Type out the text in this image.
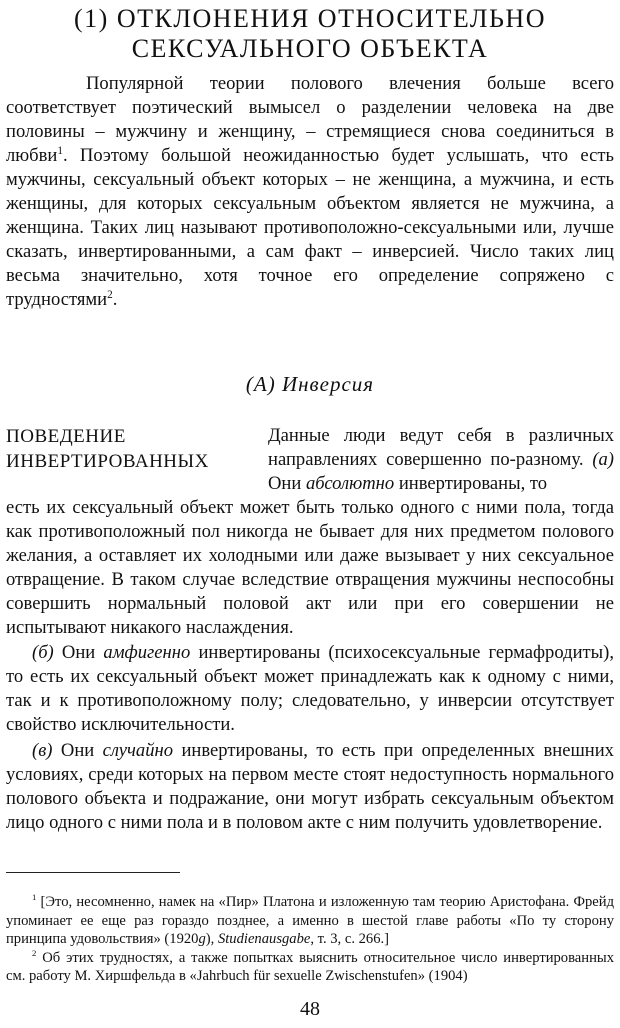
(1) ОТКЛОНЕНИЯ ОТНОСИТЕЛЬНО
СЕКСУАЛЬНОГО ОБЪЕКТА

Популярной теории полового влечения больше всего соответствует поэтический вымысел о разделении человека на две половины – мужчину и женщину, – стремящиеся снова соединиться в любви$^1$. Поэтому большой неожиданностью будет услышать, что есть мужчины, сексуальный объект которых – не женщина, а мужчина, и есть женщины, для которых сексуальным объектом является не мужчина, а женщина. Таких лиц называют противоположно-сексуальными или, лучше сказать, инвертированными, а сам факт – инверсией. Число таких лиц весьма значительно, хотя точное его определение сопряжено с трудностями$^2$.

(А) Инверсия
ПОВЕДЕНИЕ
ИНВЕРТИРОВАННЫХ

Данные люди ведут себя в различных направлениях совершенно по-разному. (а) Они абсолютно инвертированы, то

есть их сексуальный объект может быть только одного с ними пола, тогда как противоположный пол никогда не бывает для них предметом полового желания, а оставляет их холодными или даже вызывает у них сексуальное отвращение. В таком случае вследствие отвращения мужчины неспособны совершить нормальный половой акт или при его совершении не испытывают никакого наслаждения.

(б) Они амфигенно инвертированы (психосексуальные гермафродиты), то есть их сексуальный объект может принадлежать как к одному с ними, так и к противоположному полу; следовательно, у инверсии отсутствует свойство исключительности.

(в) Они случайно инвертированы, то есть при определенных внешних условиях, среди которых на первом месте стоят недоступность нормального полового объекта и подражание, они могут избрать сексуальным объектом лицо одного с ними пола и в половом акте с ним получить удовлетворение.

$^1$ [Это, несомненно, намек на «Пир» Платона и изложенную там теорию Аристофана. Фрейд упоминает ее еще раз гораздо позднее, а именно в шестой главе работы «По ту сторону принципа удовольствия» (1920g), Studienausgabe, т. 3, с. 266.]

$^2$ Об этих трудностях, а также попытках выяснить относительное число инвертированных см. работу М. Хиршфельда в «Jahrbuch für sexuelle Zwischenstufen» (1904)

48
